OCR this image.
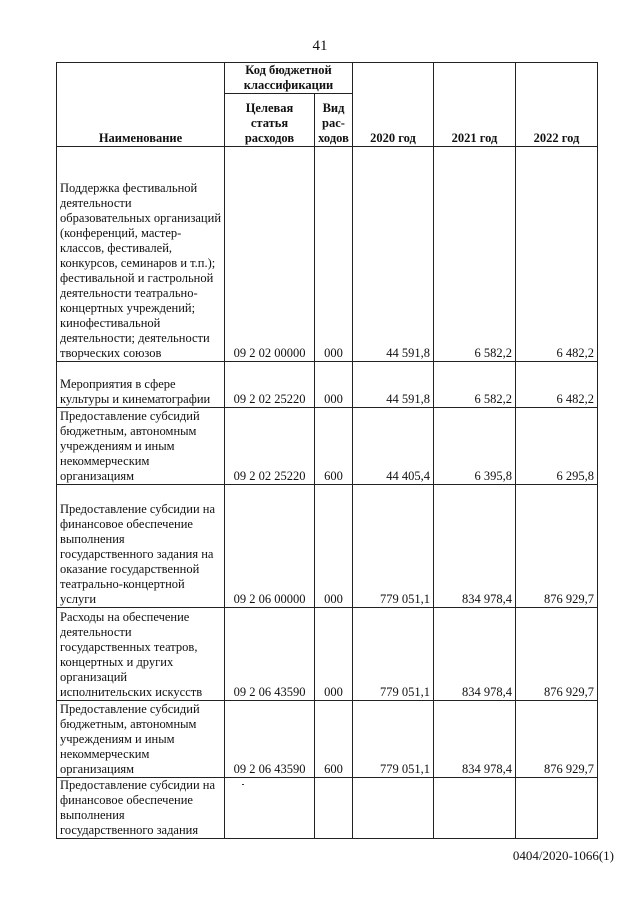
41
Наименование	Код бюджетной классификации		2020 год	2021 год	2022 год
	Целевая статья расходов	Вид рас-ходов			
Поддержка фестивальной деятельности образовательных организаций (конференций, мастер-классов, фестивалей, конкурсов, семинаров и т.п.); фестивальной и гастрольной деятельности театрально-концертных учреждений; кинофестивальной деятельности; деятельности творческих союзов	09 2 02 00000	000	44 591,8	6 582,2	6 482,2
Мероприятия в сфере культуры и кинематографии	09 2 02 25220	000	44 591,8	6 582,2	6 482,2
Предоставление субсидий бюджетным, автономным учреждениям и иным некоммерческим организациям	09 2 02 25220	600	44 405,4	6 395,8	6 295,8
Предоставление субсидии на финансовое обеспечение выполнения государственного задания на оказание государственной театрально-концертной услуги	09 2 06 00000	000	779 051,1	834 978,4	876 929,7
Расходы на обеспечение деятельности государственных театров, концертных и других организаций исполнительских искусств	09 2 06 43590	000	779 051,1	834 978,4	876 929,7
Предоставление субсидий бюджетным, автономным учреждениям и иным некоммерческим организациям	09 2 06 43590	600	779 051,1	834 978,4	876 929,7
Предоставление субсидии на финансовое обеспечение выполнения государственного задания					
0404/2020-1066(1)
